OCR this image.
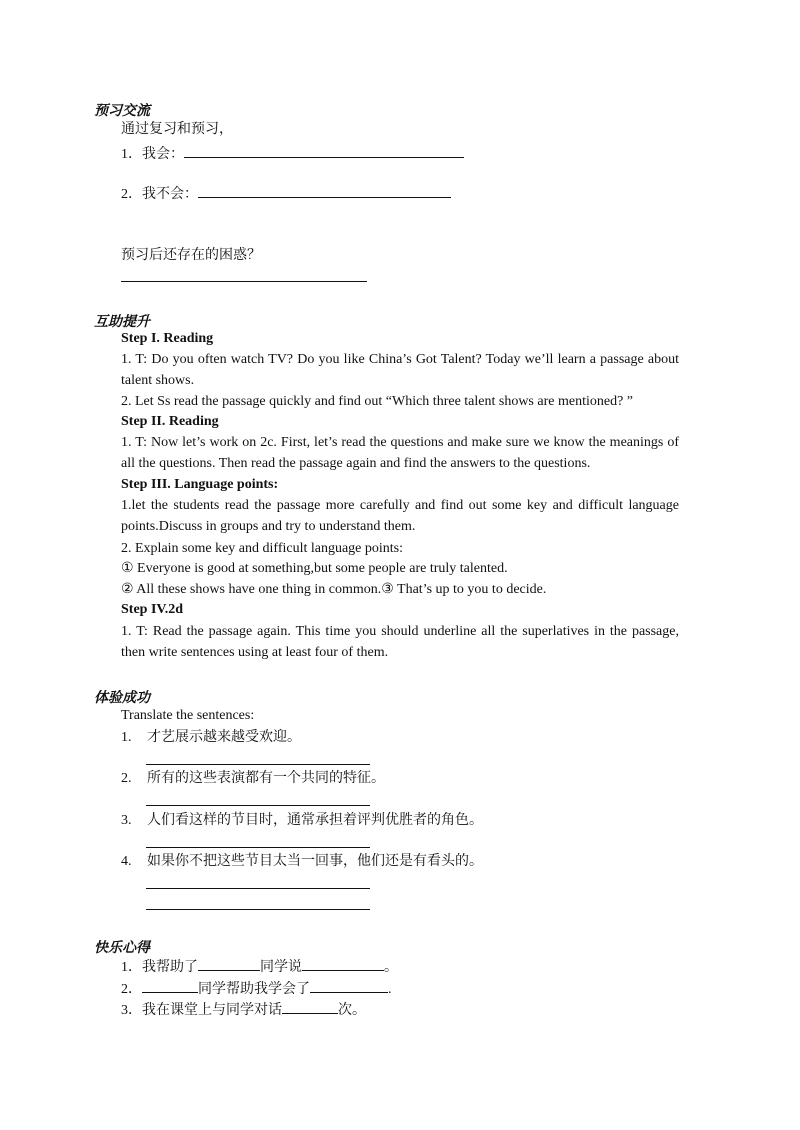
预习交流
通过复习和预习，
1．我会：
2．我不会：
预习后还存在的困惑？
互助提升
Step I. Reading
1. T: Do you often watch TV? Do you like China’s Got Talent? Today we’ll learn a passage about talent shows.
2. Let Ss read the passage quickly and find out “Which three talent shows are mentioned? ”
Step II. Reading
1. T: Now let’s work on 2c. First, let’s read the questions and make sure we know the meanings of all the questions. Then read the passage again and find the answers to the questions.
Step III. Language points:
1.let the students read the passage more carefully and find out some key and difficult language points.Discuss in groups and try to understand them.
2. Explain some key and difficult language points:
① Everyone is good at something,but some people are truly talented.
② All these shows have one thing in common.③ That’s up to you to decide.
Step IV.2d
1. T: Read the passage again. This time you should underline all the superlatives in the passage, then write sentences using at least four of them.
体验成功
Translate the sentences:
1. 才艺展示越来越受欢迎。
2. 所有的这些表演都有一个共同的特征。
3. 人们看这样的节目时，通常承担着评判优胜者的角色。
4. 如果你不把这些节目太当一回事，他们还是有看头的。
快乐心得
1．我帮助了	同学说	。
2．	同学帮助我学会了	.
3．我在课堂上与同学对话	次。
